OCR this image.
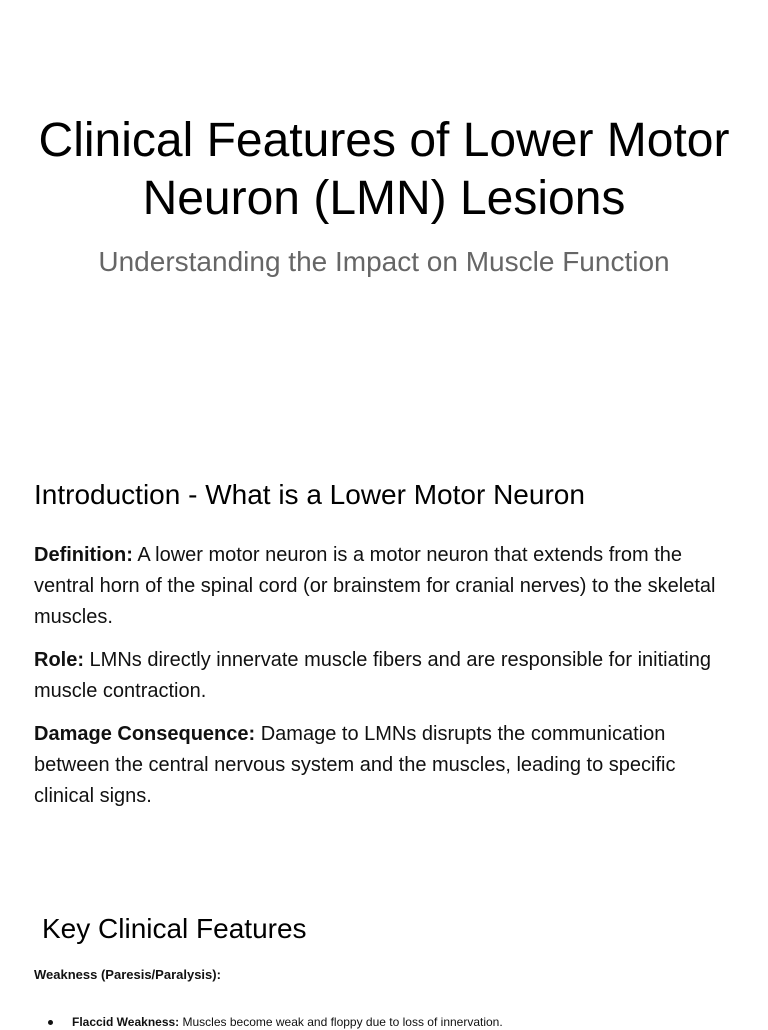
Clinical Features of Lower Motor Neuron (LMN) Lesions

Understanding the Impact on Muscle Function

Introduction - What is a Lower Motor Neuron

Definition: A lower motor neuron is a motor neuron that extends from the ventral horn of the spinal cord (or brainstem for cranial nerves) to the skeletal muscles.

Role: LMNs directly innervate muscle fibers and are responsible for initiating muscle contraction.

Damage Consequence: Damage to LMNs disrupts the communication between the central nervous system and the muscles, leading to specific clinical signs.

Key Clinical Features

Weakness (Paresis/Paralysis):

Flaccid Weakness: Muscles become weak and floppy due to loss of innervation.
